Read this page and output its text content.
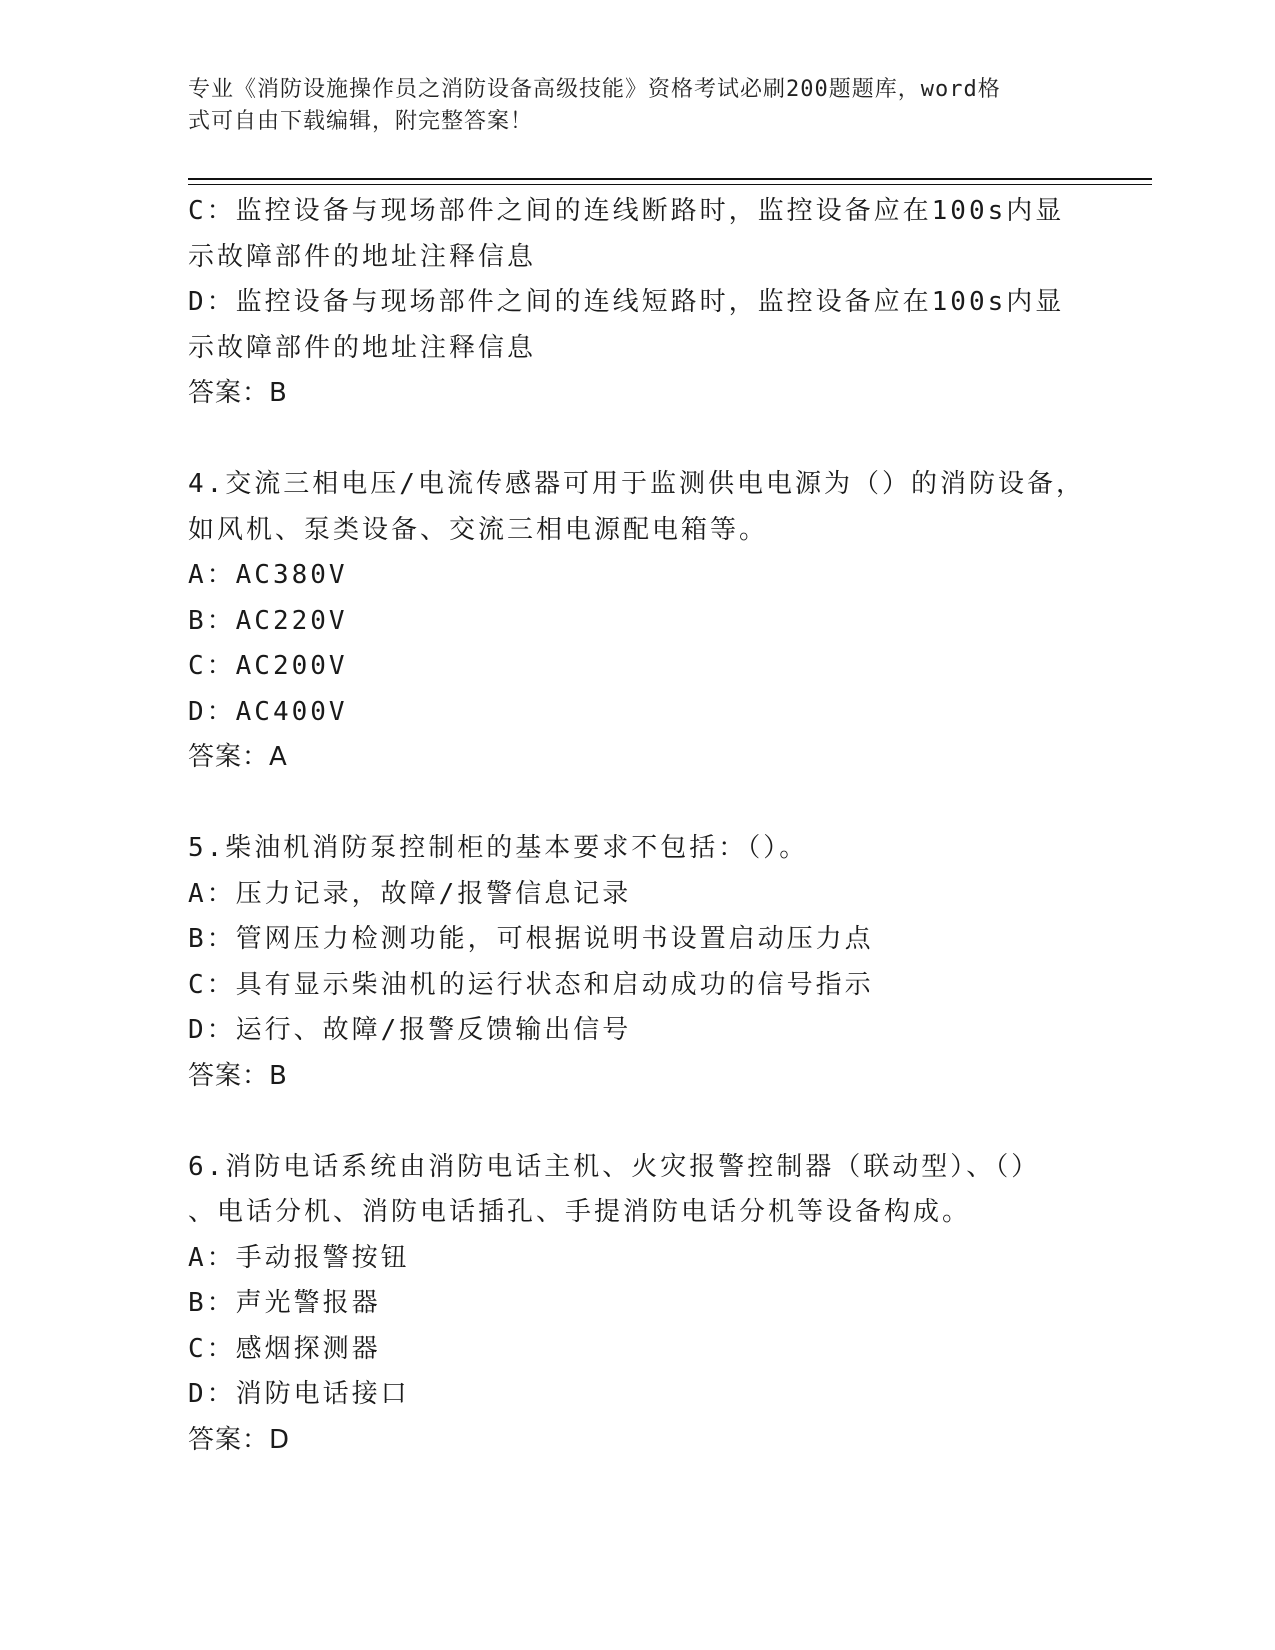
专业《消防设施操作员之消防设备高级技能》资格考试必刷200题题库，word格
式可自由下载编辑，附完整答案！
C：监控设备与现场部件之间的连线断路时，监控设备应在100s内显
示故障部件的地址注释信息
D：监控设备与现场部件之间的连线短路时，监控设备应在100s内显
示故障部件的地址注释信息
答案：B
4.交流三相电压/电流传感器可用于监测供电电源为（）的消防设备，
如风机、泵类设备、交流三相电源配电箱等。
A：AC380V
B：AC220V
C：AC200V
D：AC400V
答案：A
5.柴油机消防泵控制柜的基本要求不包括：（）。
A：压力记录，故障/报警信息记录
B：管网压力检测功能，可根据说明书设置启动压力点
C：具有显示柴油机的运行状态和启动成功的信号指示
D：运行、故障/报警反馈输出信号
答案：B
6.消防电话系统由消防电话主机、火灾报警控制器（联动型）、（）
、电话分机、消防电话插孔、手提消防电话分机等设备构成。
A：手动报警按钮
B：声光警报器
C：感烟探测器
D：消防电话接口
答案：D
